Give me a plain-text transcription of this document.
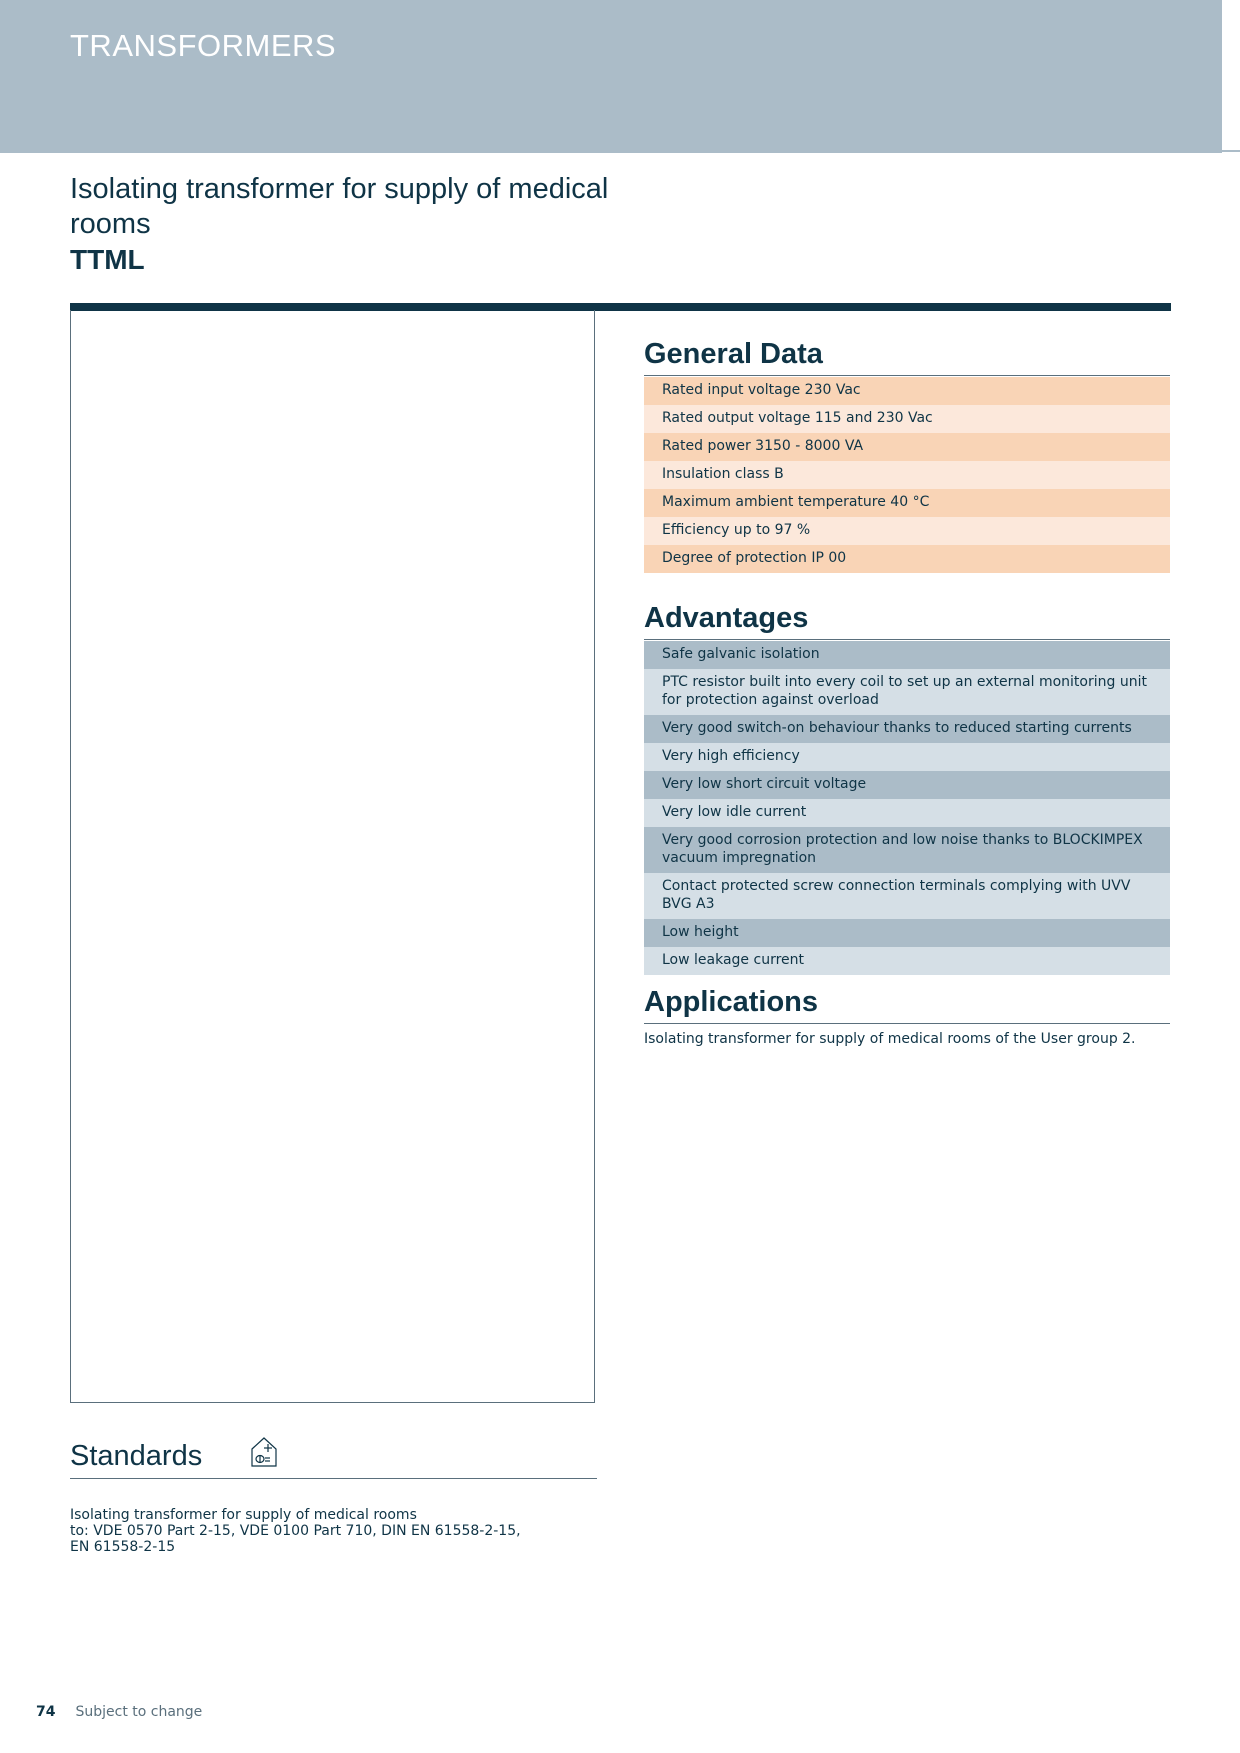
TRANSFORMERS
Isolating transformer for supply of medical rooms
TTML
General Data
Rated input voltage 230 Vac
Rated output voltage 115 and 230 Vac
Rated power 3150 - 8000 VA
Insulation class B
Maximum ambient temperature 40 °C
Efficiency up to 97 %
Degree of protection IP 00
Advantages
Safe galvanic isolation
PTC resistor built into every coil to set up an external monitoring unit for protection against overload
Very good switch-on behaviour thanks to reduced starting currents
Very high efficiency
Very low short circuit voltage
Very low idle current
Very good corrosion protection and low noise thanks to BLOCKIMPEX vacuum impregnation
Contact protected screw connection terminals complying with UVV BVG A3
Low height
Low leakage current
Applications
Isolating transformer for supply of medical rooms of the User group 2.
Standards
Isolating transformer for supply of medical rooms
to: VDE 0570 Part 2-15, VDE 0100 Part 710, DIN EN 61558-2-15,
EN 61558-2-15
74 Subject to change
